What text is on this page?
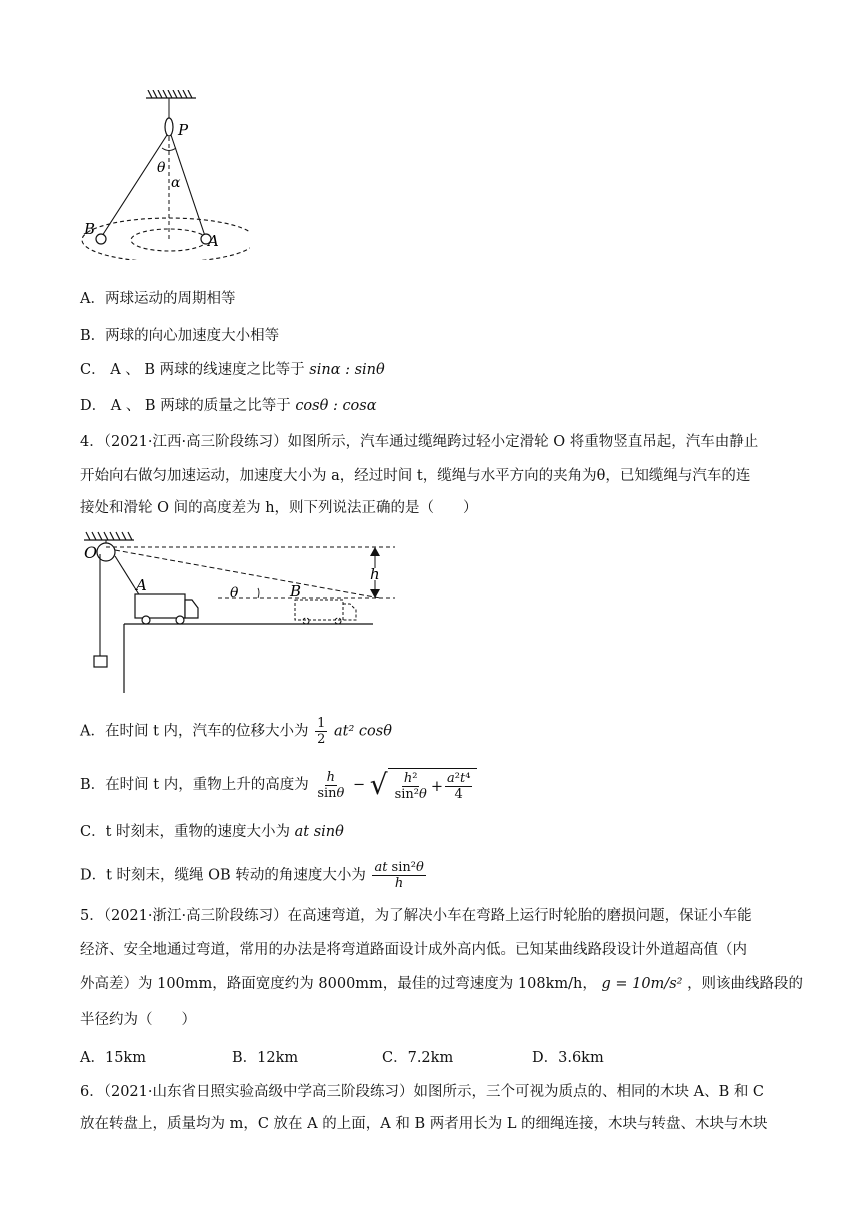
P
θ
α
B
A
A．两球运动的周期相等
B．两球的向心加速度大小相等
C． A 、 B 两球的线速度之比等于 sinα : sinθ
D． A 、 B 两球的质量之比等于 cosθ : cosα
4．（2021·江西·高三阶段练习）如图所示，汽车通过缆绳跨过轻小定滑轮 O 将重物竖直吊起，汽车由静止
开始向右做匀加速运动，加速度大小为 a，经过时间 t，缆绳与水平方向的夹角为θ，已知缆绳与汽车的连
接处和滑轮 O 间的高度差为 h，则下列说法正确的是（　　）
O
A	B
θ
h
A．在时间 t 内，汽车的位移大小为 $\frac{1}{2} at^2$ cosθ
B．在时间 t 内，重物上升的高度为 $\frac{h}{\sin\theta}$ − √ $\frac{\text{h²}}{\text{sin²θ}} + \frac{\text{a²t⁴}}{4}$
C．t 时刻末，重物的速度大小为 at sinθ
D．t 时刻末，缆绳 OB 转动的角速度大小为 $\frac{\text{at sin²θ}}{h}$
5．（2021·浙江·高三阶段练习）在高速弯道，为了解决小车在弯路上运行时轮胎的磨损问题，保证小车能
经济、安全地通过弯道，常用的办法是将弯道路面设计成外高内低。已知某曲线路段设计外道超高值（内
外高差）为 100mm，路面宽度约为 8000mm，最佳的过弯速度为 108km/h， g = 10m/s² ，则该曲线路段的
半径约为（　　）
A．15km	B．12km	C．7.2km	D．3.6km
6．（2021·山东省日照实验高级中学高三阶段练习）如图所示，三个可视为质点的、相同的木块 A、B 和 C
放在转盘上，质量均为 m，C 放在 A 的上面，A 和 B 两者用长为 L 的细绳连接，木块与转盘、木块与木块
